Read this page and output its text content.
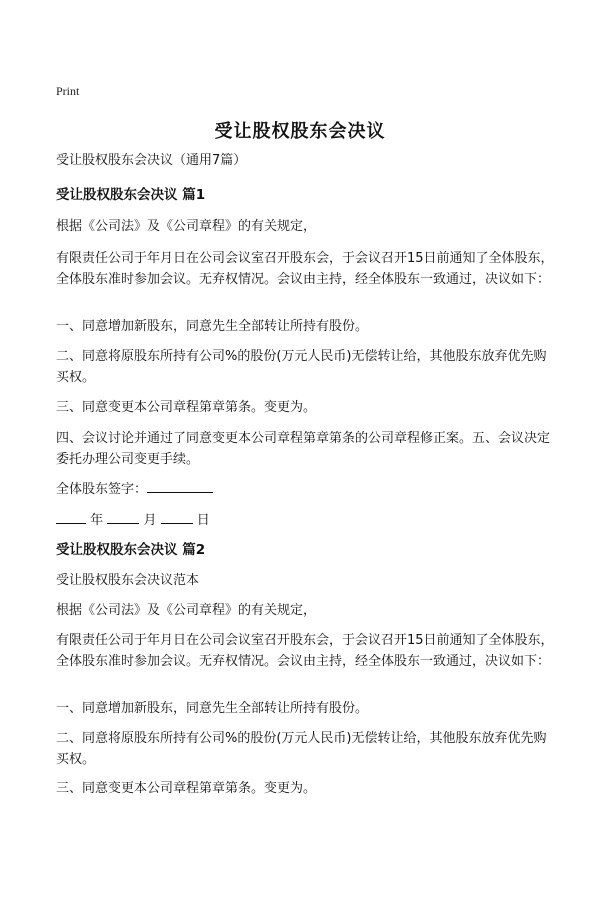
Print
受让股权股东会决议

受让股权股东会决议（通用7篇）

受让股权股东会决议 篇1

根据《公司法》及《公司章程》的有关规定，

有限责任公司于年月日在公司会议室召开股东会，于会议召开15日前通知了全体股东，全体股东准时参加会议。无弃权情况。会议由主持，经全体股东一致通过，决议如下：

一、同意增加新股东，同意先生全部转让所持有股份。

二、同意将原股东所持有公司%的股份(万元人民币)无偿转让给，其他股东放弃优先购买权。

三、同意变更本公司章程第章第条。变更为。

四、会议讨论并通过了同意变更本公司章程第章第条的公司章程修正案。五、会议决定委托办理公司变更手续。

全体股东签字：
年	月	日

受让股权股东会决议 篇2

受让股权股东会决议范本

根据《公司法》及《公司章程》的有关规定，

有限责任公司于年月日在公司会议室召开股东会，于会议召开15日前通知了全体股东，全体股东准时参加会议。无弃权情况。会议由主持，经全体股东一致通过，决议如下：

一、同意增加新股东，同意先生全部转让所持有股份。

二、同意将原股东所持有公司%的股份(万元人民币)无偿转让给，其他股东放弃优先购买权。

三、同意变更本公司章程第章第条。变更为。
